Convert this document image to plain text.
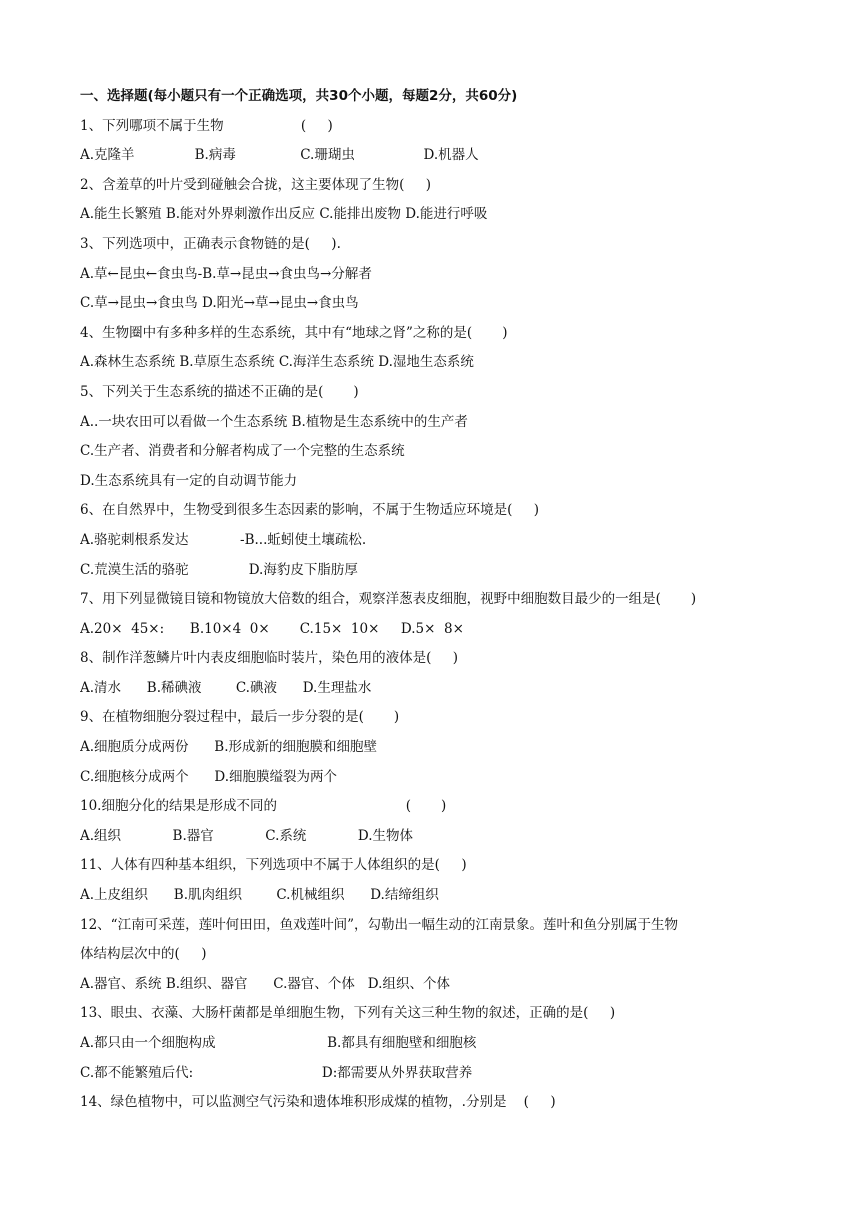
一、选择题(每小题只有一个正确选项，共30个小题，每题2分，共60分)
1、下列哪项不属于生物                  (     )
A.克隆羊              B.病毒               C.珊瑚虫                D.机器人
2、含羞草的叶片受到碰触会合拢，这主要体现了生物(     )
A.能生长繁殖 B.能对外界刺激作出反应 C.能排出废物 D.能进行呼吸
3、下列选项中，正确表示食物链的是(     ).
A.草←昆虫←食虫鸟-B.草→昆虫→食虫鸟→分解者
C.草→昆虫→食虫鸟 D.阳光→草→昆虫→食虫鸟
4、生物圈中有多种多样的生态系统，其中有“地球之肾”之称的是(       )
A.森林生态系统 B.草原生态系统 C.海洋生态系统 D.湿地生态系统
5、下列关于生态系统的描述不正确的是(       )
A..一块农田可以看做一个生态系统 B.植物是生态系统中的生产者
C.生产者、消费者和分解者构成了一个完整的生态系统
D.生态系统具有一定的自动调节能力
6、在自然界中，生物受到很多生态因素的影响，不属于生物适应环境是(     )
A.骆驼刺根系发达            -B...蚯蚓使土壤疏松.
C.荒漠生活的骆驼              D.海豹皮下脂肪厚
7、用下列显微镜目镜和物镜放大倍数的组合，观察洋葱表皮细胞，视野中细胞数目最少的一组是(       )
A.20×  45×:      B.10×4  0×       C.15×  10×     D.5×  8×
8、制作洋葱鳞片叶内表皮细胞临时装片，染色用的液体是(     )
A.清水      B.稀碘液        C.碘液      D.生理盐水
9、在植物细胞分裂过程中，最后一步分裂的是(       )
A.细胞质分成两份      B.形成新的细胞膜和细胞壁
C.细胞核分成两个      D.细胞膜缢裂为两个
10.细胞分化的结果是形成不同的                              (       )
A.组织            B.器官            C.系统            D.生物体
11、人体有四种基本组织，下列选项中不属于人体组织的是(     )
A.上皮组织      B.肌肉组织        C.机械组织      D.结缔组织
12、“江南可采莲，莲叶何田田，鱼戏莲叶间”，勾勒出一幅生动的江南景象。莲叶和鱼分别属于生物
体结构层次中的(     )
A.器官、系统 B.组织、器官      C.器官、个体   D.组织、个体
13、眼虫、衣藻、大肠杆菌都是单细胞生物，下列有关这三种生物的叙述，正确的是(     )
A.都只由一个细胞构成                          B.都具有细胞壁和细胞核
C.都不能繁殖后代:                              D:都需要从外界获取营养
14、绿色植物中，可以监测空气污染和遗体堆积形成煤的植物，.分别是    (     )
